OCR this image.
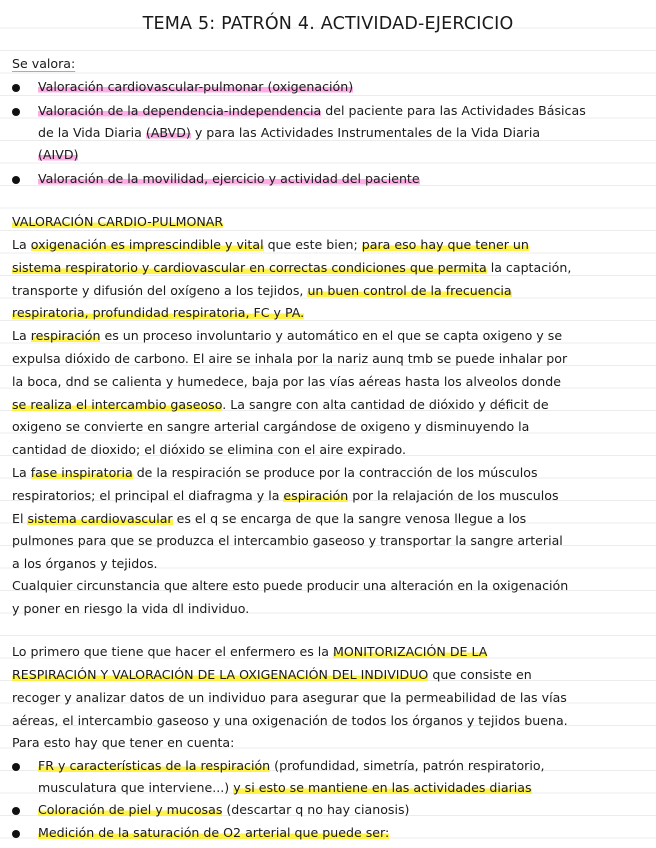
TEMA 5: PATRÓN 4. ACTIVIDAD-EJERCICIO
Se valora:
Valoración cardiovascular-pulmonar (oxigenación)
Valoración de la dependencia-independencia del paciente para las Actividades Básicas
de la Vida Diaria (ABVD) y para las Actividades Instrumentales de la Vida Diaria
(AIVD)
Valoración de la movilidad, ejercicio y actividad del paciente
VALORACIÓN CARDIO-PULMONAR
La oxigenación es imprescindible y vital que este bien; para eso hay que tener un
sistema respiratorio y cardiovascular en correctas condiciones que permita la captación,
transporte y difusión del oxígeno a los tejidos, un buen control de la frecuencia
respiratoria, profundidad respiratoria, FC y PA.
La respiración es un proceso involuntario y automático en el que se capta oxigeno y se
expulsa dióxido de carbono. El aire se inhala por la nariz aunq tmb se puede inhalar por
la boca, dnd se calienta y humedece, baja por las vías aéreas hasta los alveolos donde
se realiza el intercambio gaseoso. La sangre con alta cantidad de dióxido y déficit de
oxigeno se convierte en sangre arterial cargándose de oxigeno y disminuyendo la
cantidad de dioxido; el dióxido se elimina con el aire expirado.
La fase inspiratoria de la respiración se produce por la contracción de los músculos
respiratorios; el principal el diafragma y la espiración por la relajación de los musculos
El sistema cardiovascular es el q se encarga de que la sangre venosa llegue a los
pulmones para que se produzca el intercambio gaseoso y transportar la sangre arterial
a los órganos y tejidos.
Cualquier circunstancia que altere esto puede producir una alteración en la oxigenación
y poner en riesgo la vida dl individuo.
Lo primero que tiene que hacer el enfermero es la MONITORIZACIÓN DE LA
RESPIRACIÓN Y VALORACIÓN DE LA OXIGENACIÓN DEL INDIVIDUO que consiste en
recoger y analizar datos de un individuo para asegurar que la permeabilidad de las vías
aéreas, el intercambio gaseoso y una oxigenación de todos los órganos y tejidos buena.
Para esto hay que tener en cuenta:
FR y características de la respiración (profundidad, simetría, patrón respiratorio,
musculatura que interviene...) y si esto se mantiene en las actividades diarias
Coloración de piel y mucosas (descartar q no hay cianosis)
Medición de la saturación de O2 arterial que puede ser:
